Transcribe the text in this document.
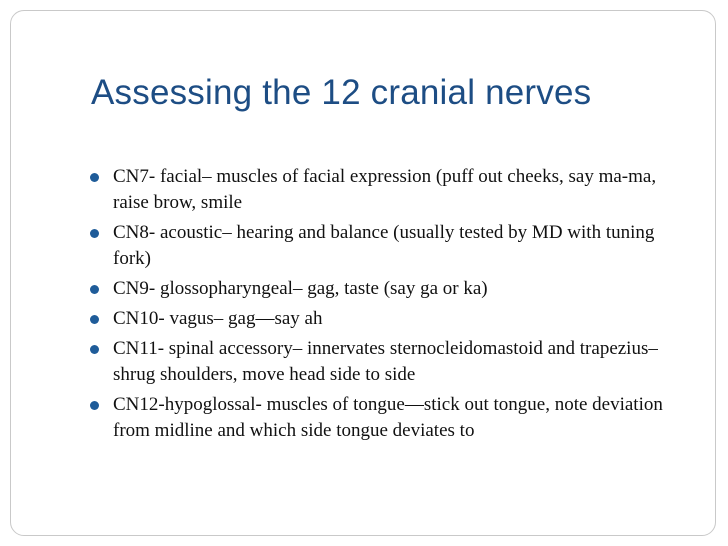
Assessing the 12 cranial nerves
CN7- facial– muscles of facial expression (puff out cheeks, say ma-ma, raise brow, smile
CN8- acoustic– hearing and balance (usually tested by MD with tuning fork)
CN9- glossopharyngeal– gag, taste (say ga or ka)
CN10- vagus– gag—say ah
CN11- spinal accessory– innervates sternocleidomastoid and trapezius– shrug shoulders, move head side to side
CN12-hypoglossal- muscles of tongue—stick out tongue, note deviation from midline and which side tongue deviates to
